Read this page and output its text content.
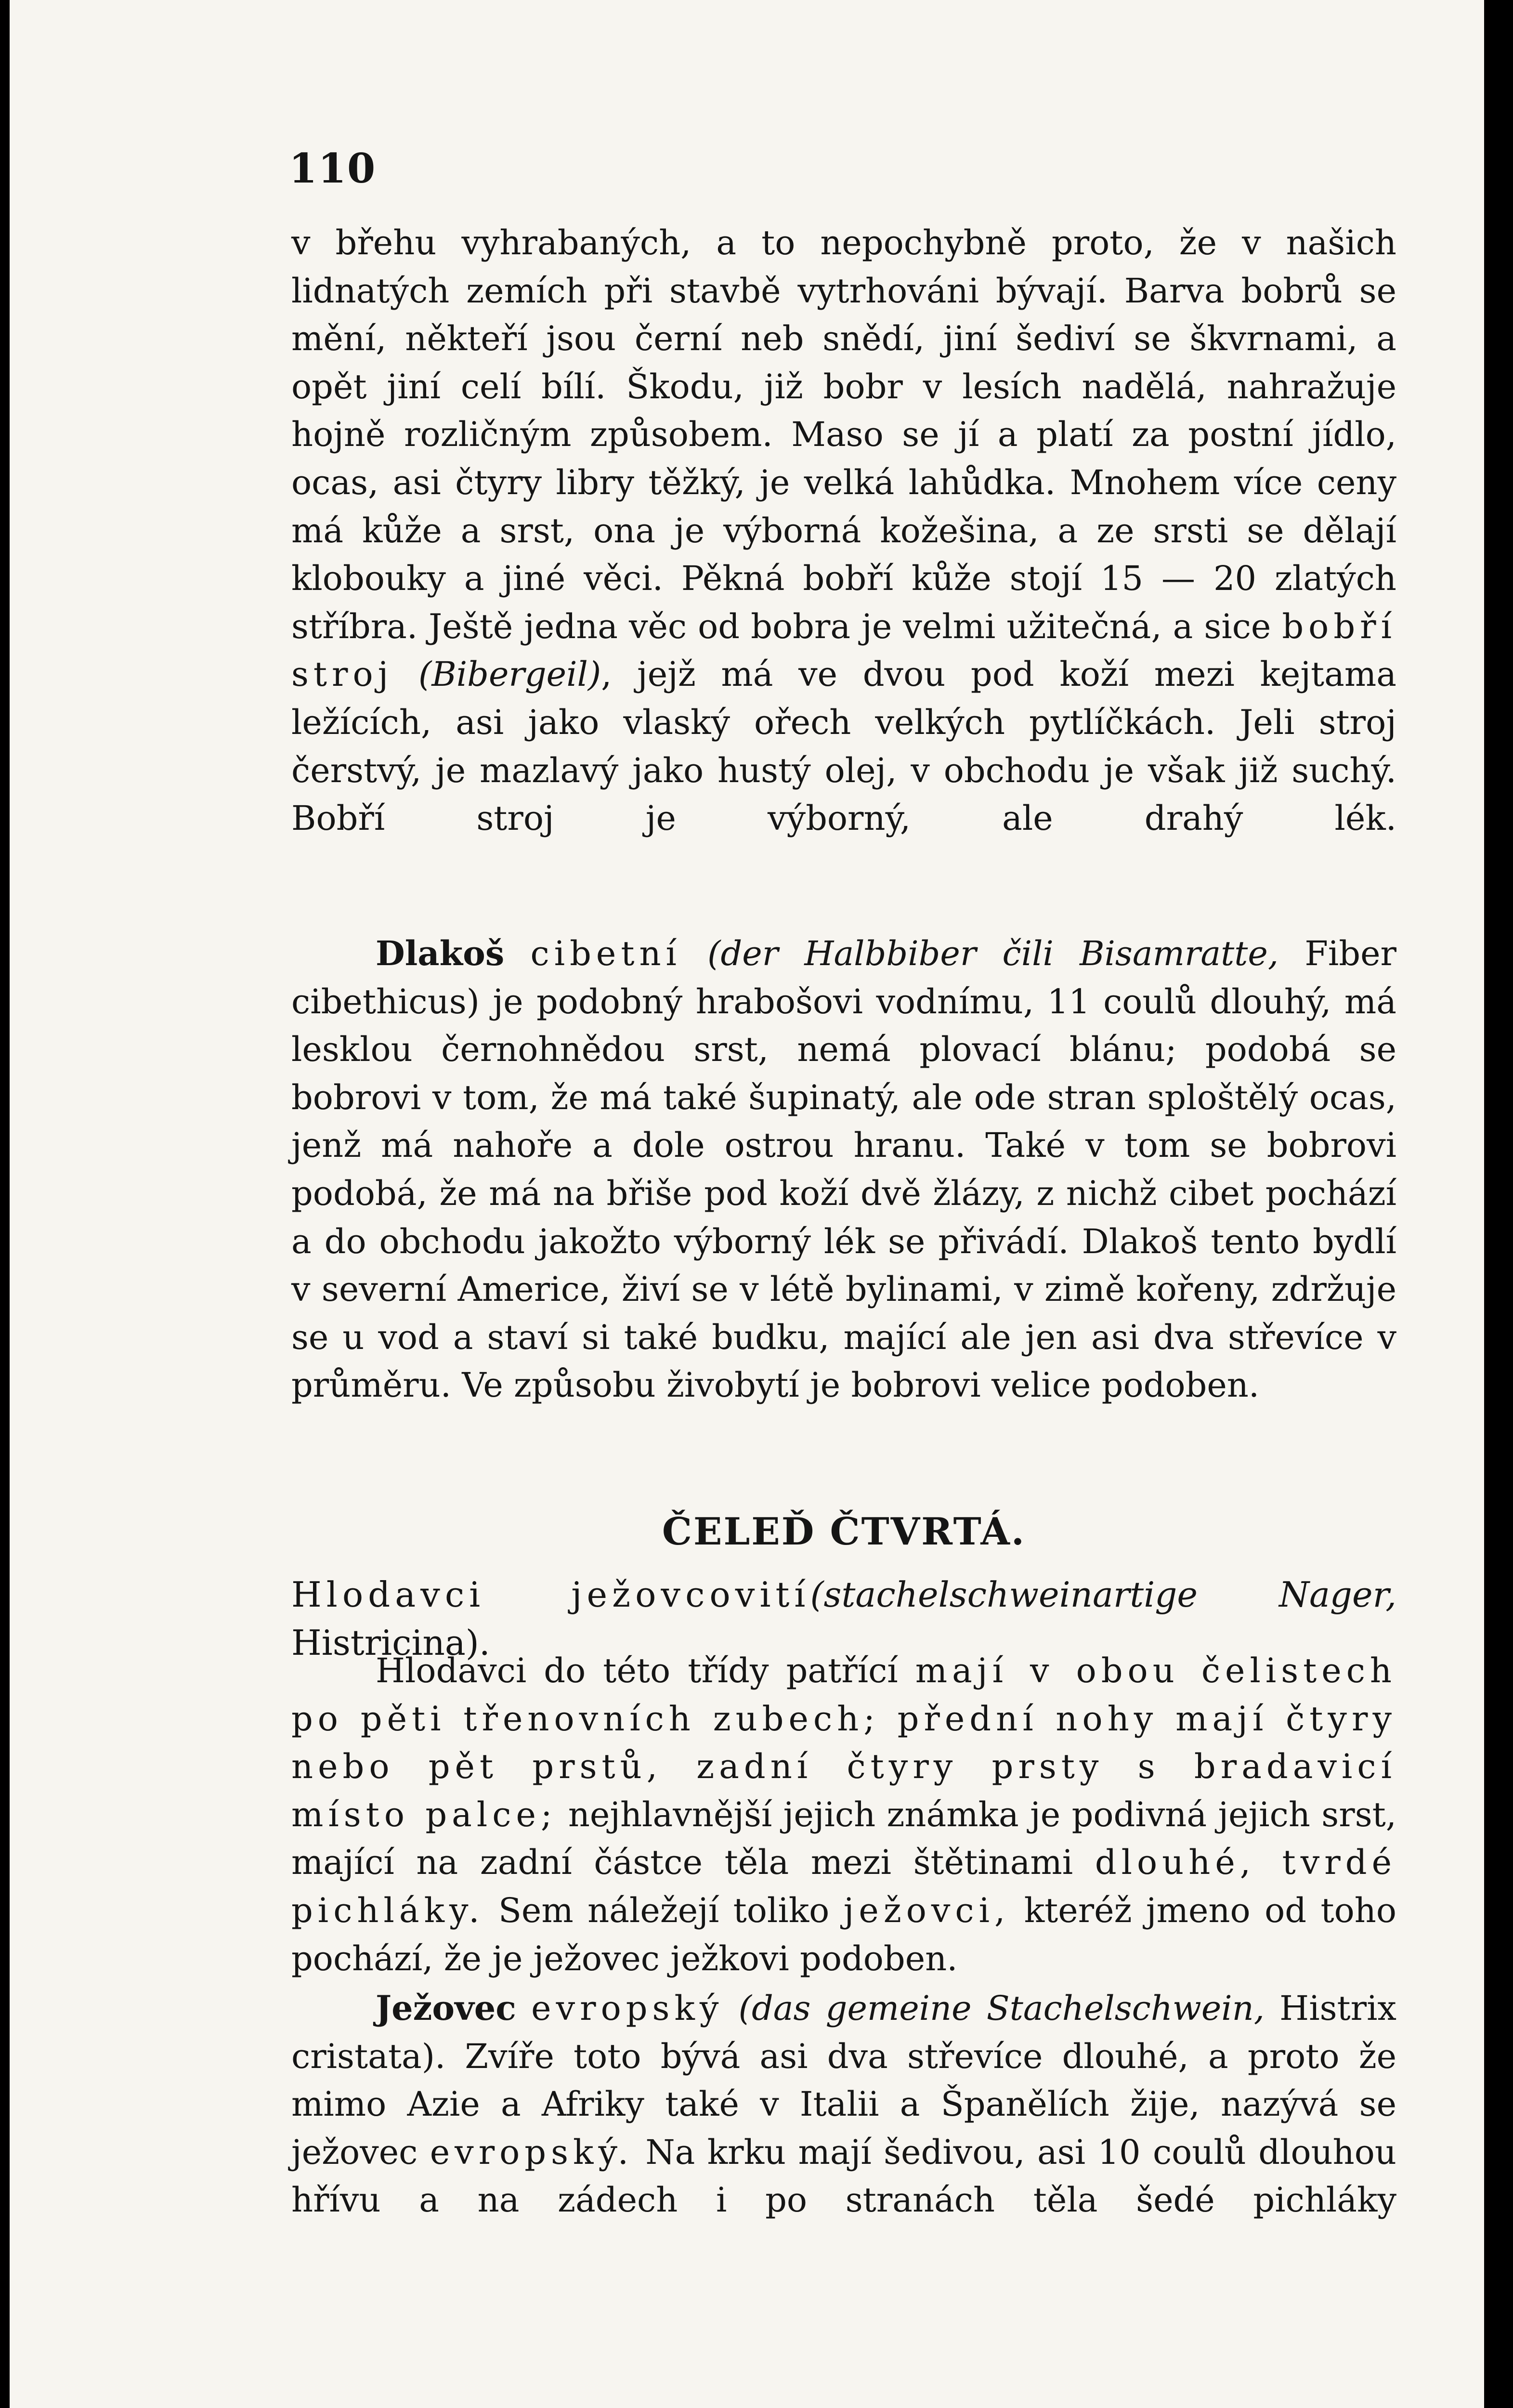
110

v břehu vyhrabaných, a to nepochybně proto, že v našich lidnatých zemích při stavbě vytrhováni bývají. Barva bobrů se mění, někteří jsou černí neb snědí, jiní šediví se škvrnami, a opět jiní celí bílí. Škodu, již bobr v lesích nadělá, nahražuje hojně rozličným způsobem. Maso se jí a platí za postní jídlo, ocas, asi čtyry libry těžký, je velká lahůdka. Mnohem více ceny má kůže a srst, ona je výborná kožešina, a ze srsti se dělají klobouky a jiné věci. Pěkná bobří kůže stojí 15 — 20 zlatých stříbra. Ještě jedna věc od bobra je velmi užitečná, a sice bobří stroj (Bibergeil), jejž má ve dvou pod koží mezi kejtama ležících, asi jako vlaský ořech velkých pytlíčkách. Jeli stroj čerstvý, je mazlavý jako hustý olej, v obchodu je však již suchý. Bobří stroj je výborný, ale drahý lék.

Dlakoš cibetní (der Halbbiber čili Bisamratte, Fiber cibethicus) je podobný hrabošovi vodnímu, 11 coulů dlouhý, má lesklou černohnědou srst, nemá plovací blánu; podobá se bobrovi v tom, že má také šupinatý, ale ode stran sploštělý ocas, jenž má nahoře a dole ostrou hranu. Také v tom se bobrovi podobá, že má na břiše pod koží dvě žlázy, z nichž cibet pochází a do obchodu jakožto výborný lék se přivádí. Dlakoš tento bydlí v severní Americe, živí se v létě bylinami, v zimě kořeny, zdržuje se u vod a staví si také budku, mající ale jen asi dva střevíce v průměru. Ve způsobu živobytí je bobrovi velice podoben.

ČELEĎ ČTVRTÁ.

Hlodavci ježovcovití(stachelschweinartige Nager, Histricina).

Hlodavci do této třídy patřící mají v obou čelistech po pěti třenovních zubech; přední nohy mají čtyry nebo pět prstů, zadní čtyry prsty s bradavicí místo palce; nejhlavnější jejich známka je podivná jejich srst, mající na zadní částce těla mezi štětinami dlouhé, tvrdé pichláky. Sem náležejí toliko ježovci, kteréž jmeno od toho pochází, že je ježovec ježkovi podoben.

Ježovec evropský (das gemeine Stachelschwein, Histrix cristata). Zvíře toto bývá asi dva střevíce dlouhé, a proto že mimo Azie a Afriky také v Italii a Španělích žije, nazývá se ježovec evropský. Na krku mají šedivou, asi 10 coulů dlouhou hřívu a na zádech i po stranách těla šedé pichláky
